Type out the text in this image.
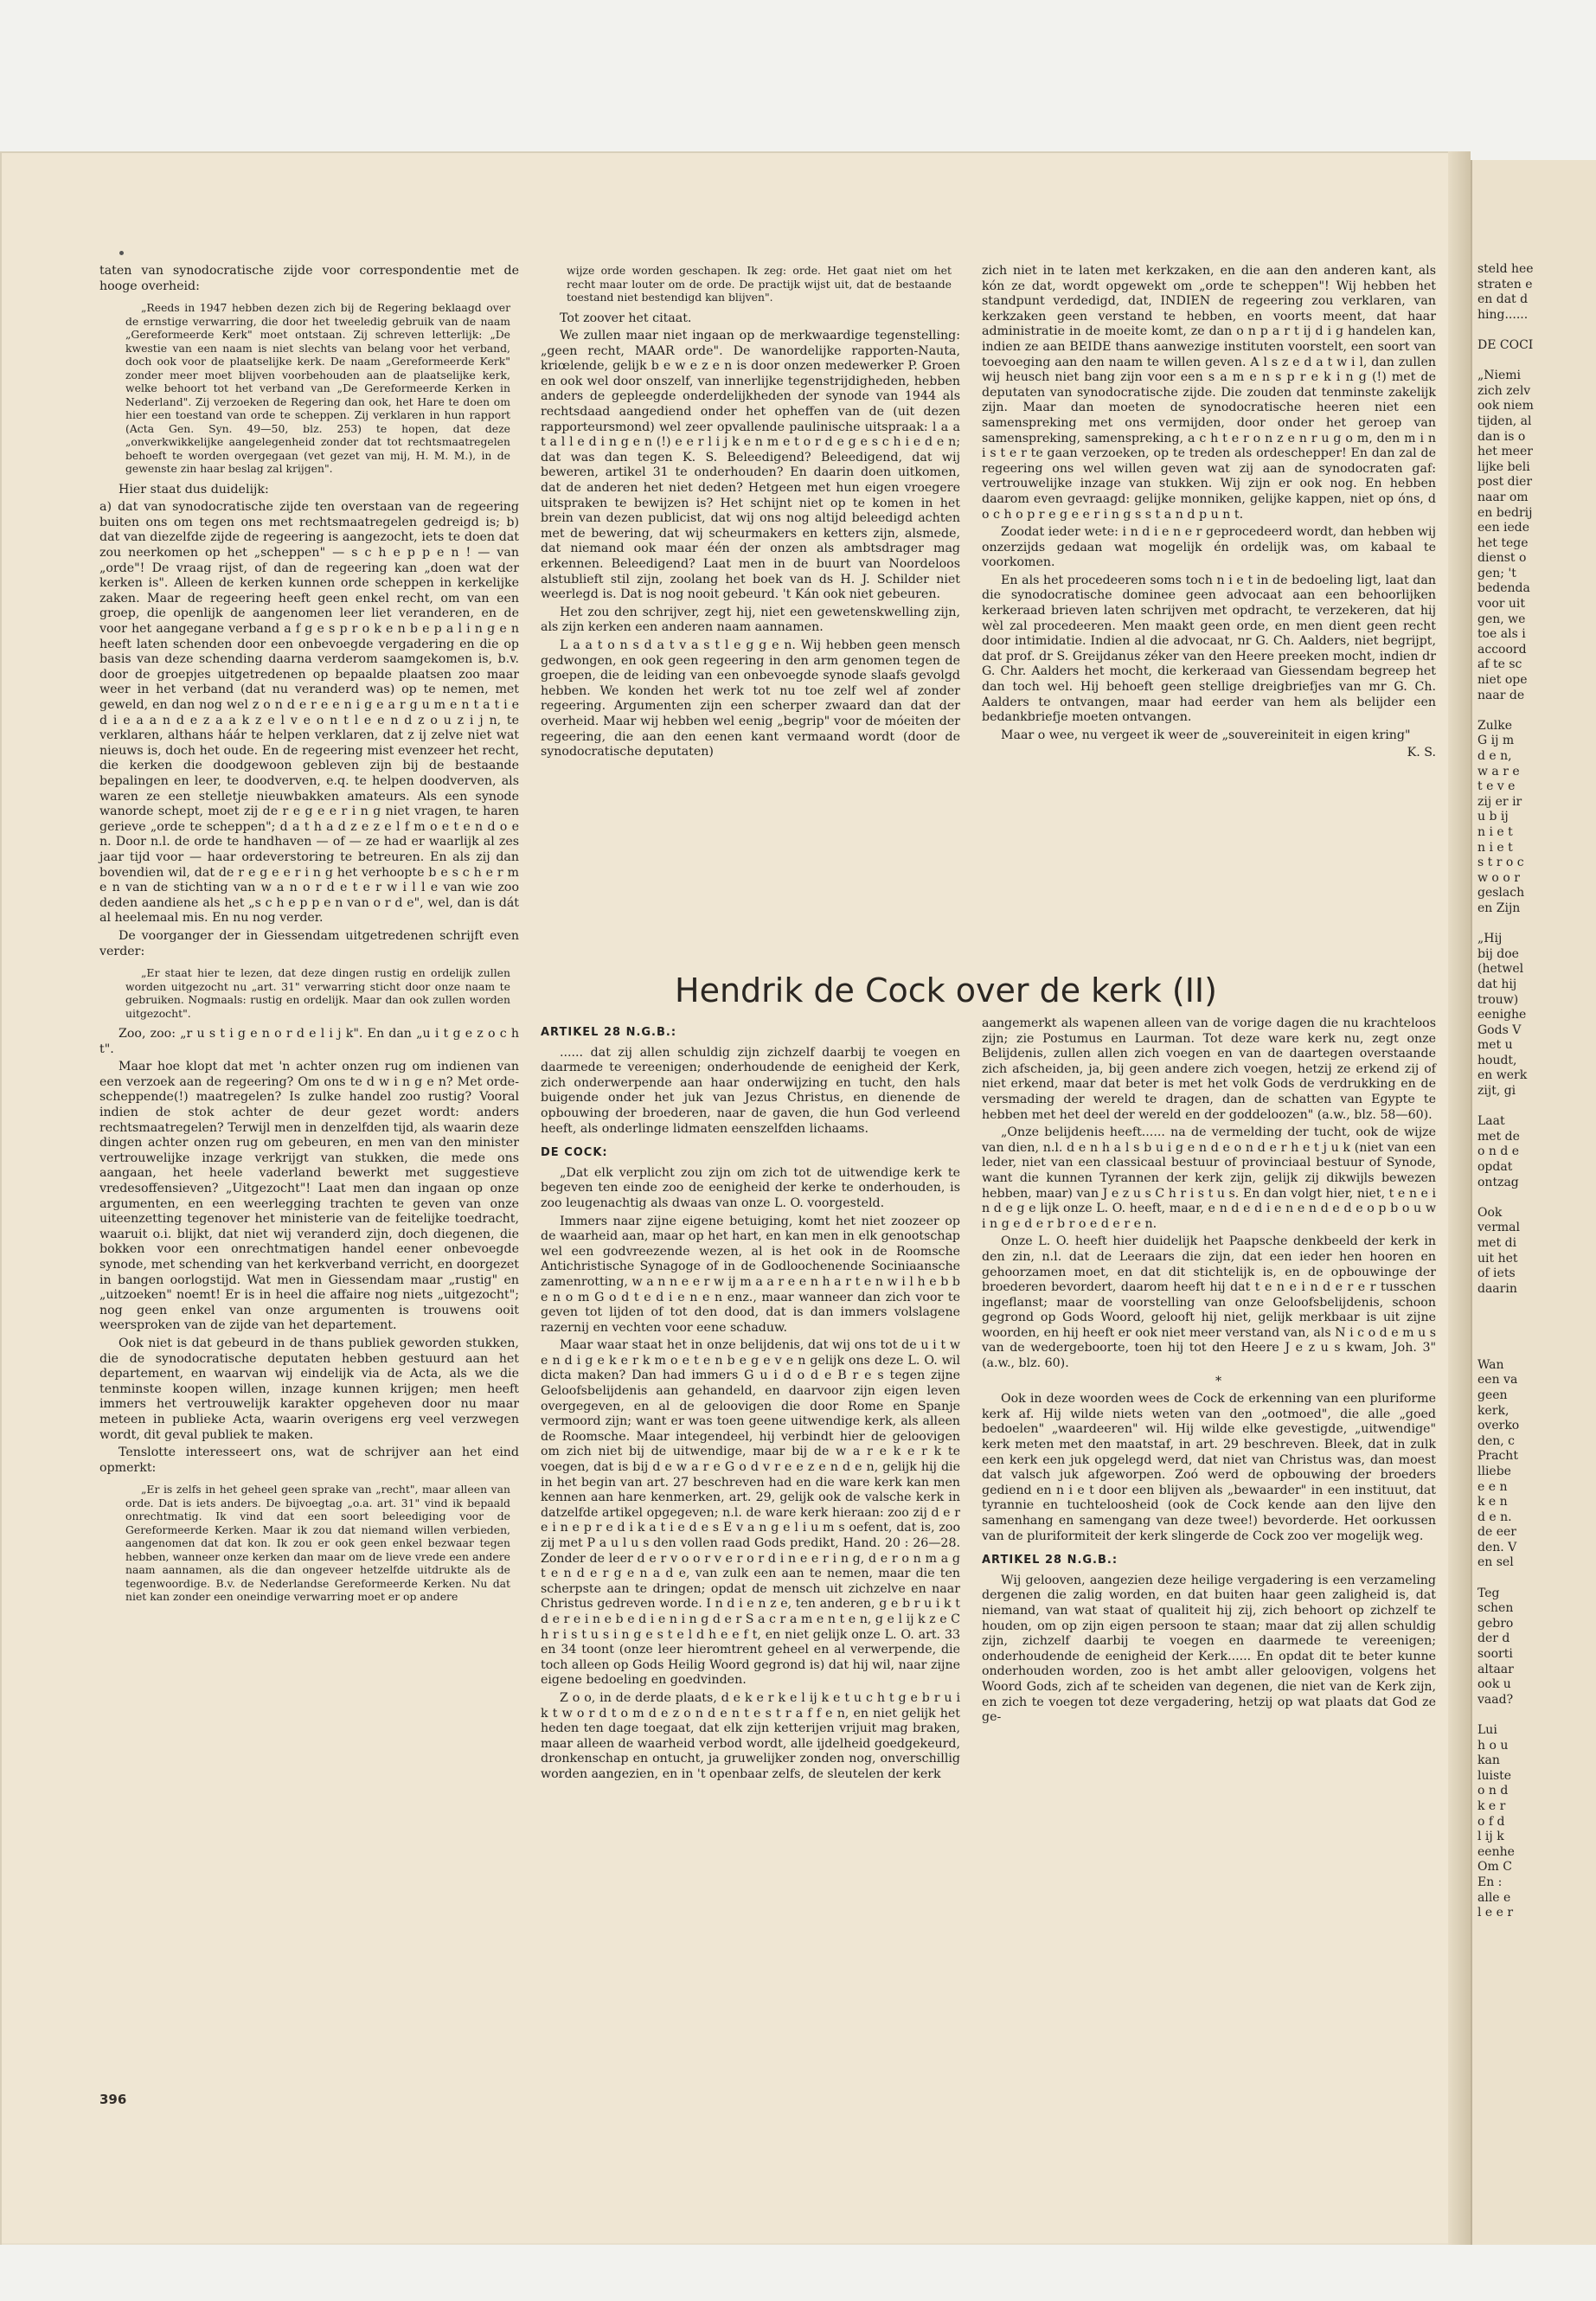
taten van synodocratische zijde voor correspondentie met de hooge overheid:

„Reeds in 1947 hebben dezen zich bij de Regering beklaagd over de ernstige verwarring, die door het tweeledig gebruik van de naam „Gereformeerde Kerk" moet ontstaan. Zij schreven letterlijk: „De kwestie van een naam is niet slechts van belang voor het verband, doch ook voor de plaatselijke kerk. De naam „Gereformeerde Kerk" zonder meer moet blijven voorbehouden aan de plaatselijke kerk, welke behoort tot het verband van „De Gereformeerde Kerken in Nederland". Zij verzoeken de Regering dan ook, het Hare te doen om hier een toestand van orde te scheppen. Zij verklaren in hun rapport (Acta Gen. Syn. 49—50, blz. 253) te hopen, dat deze „onverkwikkelijke aangelegenheid zonder dat tot rechtsmaatregelen behoeft te worden overgegaan (vet gezet van mij, H. M. M.), in de gewenste zin haar beslag zal krijgen".

Hier staat dus duidelijk:

a) dat van synodocratische zijde ten overstaan van de regeering buiten ons om tegen ons met rechtsmaatregelen gedreigd is; b) dat van diezelfde zijde de regeering is aangezocht, iets te doen dat zou neerkomen op het „scheppen" — s c h e p p e n ! — van „orde"! De vraag rijst, of dan de regeering kan „doen wat der kerken is". Alleen de kerken kunnen orde scheppen in kerkelijke zaken. Maar de regeering heeft geen enkel recht, om van een groep, die openlijk de aangenomen leer liet veranderen, en de voor het aangegane verband a f g e s p r o k e n b e p a l i n g e n heeft laten schenden door een onbevoegde vergadering en die op basis van deze schending daarna verderom saamgekomen is, b.v. door de groepjes uitgetredenen op bepaalde plaatsen zoo maar weer in het verband (dat nu veranderd was) op te nemen, met geweld, en dan nog wel z o n d e r e e n i g e a r g u m e n t a t i e d i e a a n d e z a a k z e l v e o n t l e e n d z o u z i j n, te verklaren, althans háár te helpen verklaren, dat z ij zelve niet wat nieuws is, doch het oude. En de regeering mist evenzeer het recht, die kerken die doodgewoon gebleven zijn bij de bestaande bepalingen en leer, te doodverven, e.q. te helpen doodverven, als waren ze een stelletje nieuwbakken amateurs. Als een synode wanorde schept, moet zij de r e g e e r i n g niet vragen, te haren gerieve „orde te scheppen"; d a t h a d z e z e l f m o e t e n d o e n. Door n.l. de orde te handhaven — of — ze had er waarlijk al zes jaar tijd voor — haar ordeverstoring te betreuren. En als zij dan bovendien wil, dat de r e g e e r i n g het verhoopte b e s c h e r m e n van de stichting van w a n o r d e t e r w i l l e van wie zoo deden aandiene als het „s c h e p p e n van o r d e", wel, dan is dát al heelemaal mis. En nu nog verder.

De voorganger der in Giessendam uitgetredenen schrijft even verder:

„Er staat hier te lezen, dat deze dingen rustig en ordelijk zullen worden uitgezocht nu „art. 31" verwarring sticht door onze naam te gebruiken. Nogmaals: rustig en ordelijk. Maar dan ook zullen worden uitgezocht".

Zoo, zoo: „r u s t i g e n o r d e l i j k". En dan „u i t g e z o c h t".

Maar hoe klopt dat met 'n achter onzen rug om indienen van een verzoek aan de regeering? Om ons te d w i n g e n? Met orde-scheppende(!) maatregelen? Is zulke handel zoo rustig? Vooral indien de stok achter de deur gezet wordt: anders rechtsmaatregelen? Terwijl men in denzelfden tijd, als waarin deze dingen achter onzen rug om gebeuren, en men van den minister vertrouwelijke inzage verkrijgt van stukken, die mede ons aangaan, het heele vaderland bewerkt met suggestieve vredesoffensieven? „Uitgezocht"! Laat men dan ingaan op onze argumenten, en een weerlegging trachten te geven van onze uiteenzetting tegenover het ministerie van de feitelijke toedracht, waaruit o.i. blijkt, dat niet wij veranderd zijn, doch diegenen, die bokken voor een onrechtmatigen handel eener onbevoegde synode, met schending van het kerkverband verricht, en doorgezet in bangen oorlogstijd. Wat men in Giessendam maar „rustig" en „uitzoeken" noemt! Er is in heel die affaire nog niets „uitgezocht"; nog geen enkel van onze argumenten is trouwens ooit weersproken van de zijde van het departement.

Ook niet is dat gebeurd in de thans publiek geworden stukken, die de synodocratische deputaten hebben gestuurd aan het departement, en waarvan wij eindelijk via de Acta, als we die tenminste koopen willen, inzage kunnen krijgen; men heeft immers het vertrouwelijk karakter opgeheven door nu maar meteen in publieke Acta, waarin overigens erg veel verzwegen wordt, dit geval publiek te maken.

Tenslotte interesseert ons, wat de schrijver aan het eind opmerkt:

„Er is zelfs in het geheel geen sprake van „recht", maar alleen van orde. Dat is iets anders. De bijvoegtag „o.a. art. 31" vind ik bepaald onrechtmatig. Ik vind dat een soort beleediging voor de Gereformeerde Kerken. Maar ik zou dat niemand willen verbieden, aangenomen dat dat kon. Ik zou er ook geen enkel bezwaar tegen hebben, wanneer onze kerken dan maar om de lieve vrede een andere naam aannamen, als die dan ongeveer hetzelfde uitdrukte als de tegenwoordige. B.v. de Nederlandse Gereformeerde Kerken. Nu dat niet kan zonder een oneindige verwarring moet er op andere

wijze orde worden geschapen. Ik zeg: orde. Het gaat niet om het recht maar louter om de orde. De practijk wijst uit, dat de bestaande toestand niet bestendigd kan blijven".

Tot zoover het citaat.

We zullen maar niet ingaan op de merkwaardige tegenstelling: „geen recht, MAAR orde". De wanordelijke rapporten-Nauta, kriœlende, gelijk b e w e z e n is door onzen medewerker P. Groen en ook wel door onszelf, van innerlijke tegenstrijdigheden, hebben anders de gepleegde onderdelijkheden der synode van 1944 als rechtsdaad aangediend onder het opheffen van de (uit dezen rapporteursmond) wel zeer opvallende paulinische uitspraak: l a a t a l l e d i n g e n (!) e e r l i j k e n m e t o r d e g e s c h i e d e n; dat was dan tegen K. S. Beleedigend? Beleedigend, dat wij beweren, artikel 31 te onderhouden? En daarin doen uitkomen, dat de anderen het niet deden? Hetgeen met hun eigen vroegere uitspraken te bewijzen is? Het schijnt niet op te komen in het brein van dezen publicist, dat wij ons nog altijd beleedigd achten met de bewering, dat wij scheurmakers en ketters zijn, alsmede, dat niemand ook maar één der onzen als ambtsdrager mag erkennen. Beleedigend? Laat men in de buurt van Noordeloos alstublieft stil zijn, zoolang het boek van ds H. J. Schilder niet weerlegd is. Dat is nog nooit gebeurd. 't Kán ook niet gebeuren.

Het zou den schrijver, zegt hij, niet een gewetenskwelling zijn, als zijn kerken een anderen naam aannamen.

L a a t o n s d a t v a s t l e g g e n. Wij hebben geen mensch gedwongen, en ook geen regeering in den arm genomen tegen de groepen, die de leiding van een onbevoegde synode slaafs gevolgd hebben. We konden het werk tot nu toe zelf wel af zonder regeering. Argumenten zijn een scherper zwaard dan dat der overheid. Maar wij hebben wel eenig „begrip" voor de móeiten der regeering, die aan den eenen kant vermaand wordt (door de synodocratische deputaten)

zich niet in te laten met kerkzaken, en die aan den anderen kant, als kón ze dat, wordt opgewekt om „orde te scheppen"! Wij hebben het standpunt verdedigd, dat, INDIEN de regeering zou verklaren, van kerkzaken geen verstand te hebben, en voorts meent, dat haar administratie in de moeite komt, ze dan o n p a r t ij d i g handelen kan, indien ze aan BEIDE thans aanwezige instituten voorstelt, een soort van toevoeging aan den naam te willen geven. A l s z e d a t w i l, dan zullen wij heusch niet bang zijn voor een s a m e n s p r e k i n g (!) met de deputaten van synodocratische zijde. Die zouden dat tenminste zakelijk zijn. Maar dan moeten de synodocratische heeren niet een samenspreking met ons vermijden, door onder het geroep van samenspreking, samenspreking, a c h t e r o n z e n r u g o m, den m i n i s t e r te gaan verzoeken, op te treden als ordeschepper! En dan zal de regeering ons wel willen geven wat zij aan de synodocraten gaf: vertrouwelijke inzage van stukken. Wij zijn er ook nog. En hebben daarom even gevraagd: gelijke monniken, gelijke kappen, niet op óns, d o c h o p r e g e e r i n g s s t a n d p u n t.

Zoodat ieder wete: i n d i e n e r geprocedeerd wordt, dan hebben wij onzerzijds gedaan wat mogelijk én ordelijk was, om kabaal te voorkomen.

En als het procedeeren soms toch n i e t in de bedoeling ligt, laat dan die synodocratische dominee geen advocaat aan een behoorlijken kerkeraad brieven laten schrijven met opdracht, te verzekeren, dat hij wèl zal procedeeren. Men maakt geen orde, en men dient geen recht door intimidatie. Indien al die advocaat, nr G. Ch. Aalders, niet begrijpt, dat prof. dr S. Greijdanus zéker van den Heere preeken mocht, indien dr G. Chr. Aalders het mocht, die kerkeraad van Giessendam begreep het dan toch wel. Hij behoeft geen stellige dreigbriefjes van mr G. Ch. Aalders te ontvangen, maar had eerder van hem als belijder een bedankbriefje moeten ontvangen.

Maar o wee, nu vergeet ik weer de „souvereiniteit in eigen kring"

K. S.

Hendrik de Cock over de kerk (II)
ARTIKEL 28 N.G.B.:

...... dat zij allen schuldig zijn zichzelf daarbij te voegen en daarmede te vereenigen; onderhoudende de eenigheid der Kerk, zich onderwerpende aan haar onderwijzing en tucht, den hals buigende onder het juk van Jezus Christus, en dienende de opbouwing der broederen, naar de gaven, die hun God verleend heeft, als onderlinge lidmaten eenszelfden lichaams.

DE COCK:

„Dat elk verplicht zou zijn om zich tot de uitwendige kerk te begeven ten einde zoo de eenigheid der kerke te onderhouden, is zoo leugenachtig als dwaas van onze L. O. voorgesteld.

Immers naar zijne eigene betuiging, komt het niet zoozeer op de waarheid aan, maar op het hart, en kan men in elk genootschap wel een godvreezende wezen, al is het ook in de Roomsche Antichristische Synagoge of in de Godloochenende Sociniaansche zamenrotting, w a n n e e r w ij m a a r e e n h a r t e n w i l h e b b e n o m G o d t e d i e n e n enz., maar wanneer dan zich voor te geven tot lijden of tot den dood, dat is dan immers volslagene razernij en vechten voor eene schaduw.

Maar waar staat het in onze belijdenis, dat wij ons tot de u i t w e n d i g e k e r k m o e t e n b e g e v e n gelijk ons deze L. O. wil dicta maken? Dan had immers G u i d o d e B r e s tegen zijne Geloofsbelijdenis aan gehandeld, en daarvoor zijn eigen leven overgegeven, en al de geloovigen die door Rome en Spanje vermoord zijn; want er was toen geene uitwendige kerk, als alleen de Roomsche. Maar integendeel, hij verbindt hier de geloovigen om zich niet bij de uitwendige, maar bij de w a r e k e r k te voegen, dat is bij d e w a r e G o d v r e e z e n d e n, gelijk hij die in het begin van art. 27 beschreven had en die ware kerk kan men kennen aan hare kenmerken, art. 29, gelijk ook de valsche kerk in datzelfde artikel opgegeven; n.l. de ware kerk hieraan: zoo zij d e r e i n e p r e d i k a t i e d e s E v a n g e l i u m s oefent, dat is, zoo zij met P a u l u s den vollen raad Gods predikt, Hand. 20 : 26—28. Zonder de leer d e r v o o r v e r o r d i n e e r i n g, d e r o n m a g t e n d e r g e n a d e, van zulk een aan te nemen, maar die ten scherpste aan te dringen; opdat de mensch uit zichzelve en naar Christus gedreven worde. I n d i e n z e, ten anderen, g e b r u i k t d e r e i n e b e d i e n i n g d e r S a c r a m e n t e n, g e l ij k z e C h r i s t u s i n g e s t e l d h e e f t, en niet gelijk onze L. O. art. 33 en 34 toont (onze leer hieromtrent geheel en al verwerpende, die toch alleen op Gods Heilig Woord gegrond is) dat hij wil, naar zijne eigene bedoeling en goedvinden.

Z o o, in de derde plaats, d e k e r k e l ij k e t u c h t g e b r u i k t w o r d t o m d e z o n d e n t e s t r a f f e n, en niet gelijk het heden ten dage toegaat, dat elk zijn ketterijen vrijuit mag braken, maar alleen de waarheid verbod wordt, alle ijdelheid goedgekeurd, dronkenschap en ontucht, ja gruwelijker zonden nog, onverschillig worden aangezien, en in 't openbaar zelfs, de sleutelen der kerk

aangemerkt als wapenen alleen van de vorige dagen die nu krachteloos zijn; zie Postumus en Laurman. Tot deze ware kerk nu, zegt onze Belijdenis, zullen allen zich voegen en van de daartegen overstaande zich afscheiden, ja, bij geen andere zich voegen, hetzij ze erkend zij of niet erkend, maar dat beter is met het volk Gods de verdrukking en de versmading der wereld te dragen, dan de schatten van Egypte te hebben met het deel der wereld en der goddeloozen" (a.w., blz. 58—60).

„Onze belijdenis heeft...... na de vermelding der tucht, ook de wijze van dien, n.l. d e n h a l s b u i g e n d e o n d e r h e t j u k (niet van een leder, niet van een classicaal bestuur of provinciaal bestuur of Synode, want die kunnen Tyrannen der kerk zijn, gelijk zij dikwijls bewezen hebben, maar) van J e z u s C h r i s t u s. En dan volgt hier, niet, t e n e i n d e g e lijk onze L. O. heeft, maar, e n d e d i e n e n d e d e o p b o u w i n g e d e r b r o e d e r e n.

Onze L. O. heeft hier duidelijk het Paapsche denkbeeld der kerk in den zin, n.l. dat de Leeraars die zijn, dat een ieder hen hooren en gehoorzamen moet, en dat dit stichtelijk is, en de opbouwinge der broederen bevordert, daarom heeft hij dat t e n e i n d e r e r tusschen ingeflanst; maar de voorstelling van onze Geloofsbelijdenis, schoon gegrond op Gods Woord, gelooft hij niet, gelijk merkbaar is uit zijne woorden, en hij heeft er ook niet meer verstand van, als N i c o d e m u s van de wedergeboorte, toen hij tot den Heere J e z u s kwam, Joh. 3" (a.w., blz. 60).

*

Ook in deze woorden wees de Cock de erkenning van een pluriforme kerk af. Hij wilde niets weten van den „ootmoed", die alle „goed bedoelen" „waardeeren" wil. Hij wilde elke gevestigde, „uitwendige" kerk meten met den maatstaf, in art. 29 beschreven. Bleek, dat in zulk een kerk een juk opgelegd werd, dat niet van Christus was, dan moest dat valsch juk afgeworpen. Zoó werd de opbouwing der broeders gediend en n i e t door een blijven als „bewaarder" in een instituut, dat tyrannie en tuchteloosheid (ook de Cock kende aan den lijve den samenhang en samengang van deze twee!) bevorderde. Het oorkussen van de pluriformiteit der kerk slingerde de Cock zoo ver mogelijk weg.

ARTIKEL 28 N.G.B.:

Wij gelooven, aangezien deze heilige vergadering is een verzameling dergenen die zalig worden, en dat buiten haar geen zaligheid is, dat niemand, van wat staat of qualiteit hij zij, zich behoort op zichzelf te houden, om op zijn eigen persoon te staan; maar dat zij allen schuldig zijn, zichzelf daarbij te voegen en daarmede te vereenigen; onderhoudende de eenigheid der Kerk...... En opdat dit te beter kunne onderhouden worden, zoo is het ambt aller geloovigen, volgens het Woord Gods, zich af te scheiden van degenen, die niet van de Kerk zijn, en zich te voegen tot deze vergadering, hetzij op wat plaats dat God ze ge-

396
steld hee
straten e
en dat d
hing......

DE COCI

„Niemi
zich zelv
ook niem
tijden, al
dan is o
het meer
lijke beli
post dier
naar om
en bedrij
een iede
het tege
dienst o
gen; 't
bedenda
voor uit
gen, we
toe als i
accoord
af te sc
niet ope
naar de

Zulke
G ij m
d e n,
w a r e
t e v e
zij er ir
u b ij
n i e t
n i e t
s t r o c
w o o r
geslach
en Zijn

„Hij
bij doe
(hetwel
dat hij
trouw)
eenighe
Gods V
met u
houdt,
en werk
zijt, gi

Laat
met de
o n d e
opdat
ontzag

Ook
vermal
met di
uit het
of iets
daarin

Wan
een va
geen
kerk,
overko
den, c
Pracht
lliebe
e e n
k e n
d e n.
de eer
den. V
en sel

Teg
schen
gebro
der d
soorti
altaar
ook u
vaad?

Lui
h o u
kan
luiste
o n d
k e r
o f d
l ij k
eenhe
Om C
En :
alle e
l e e r
